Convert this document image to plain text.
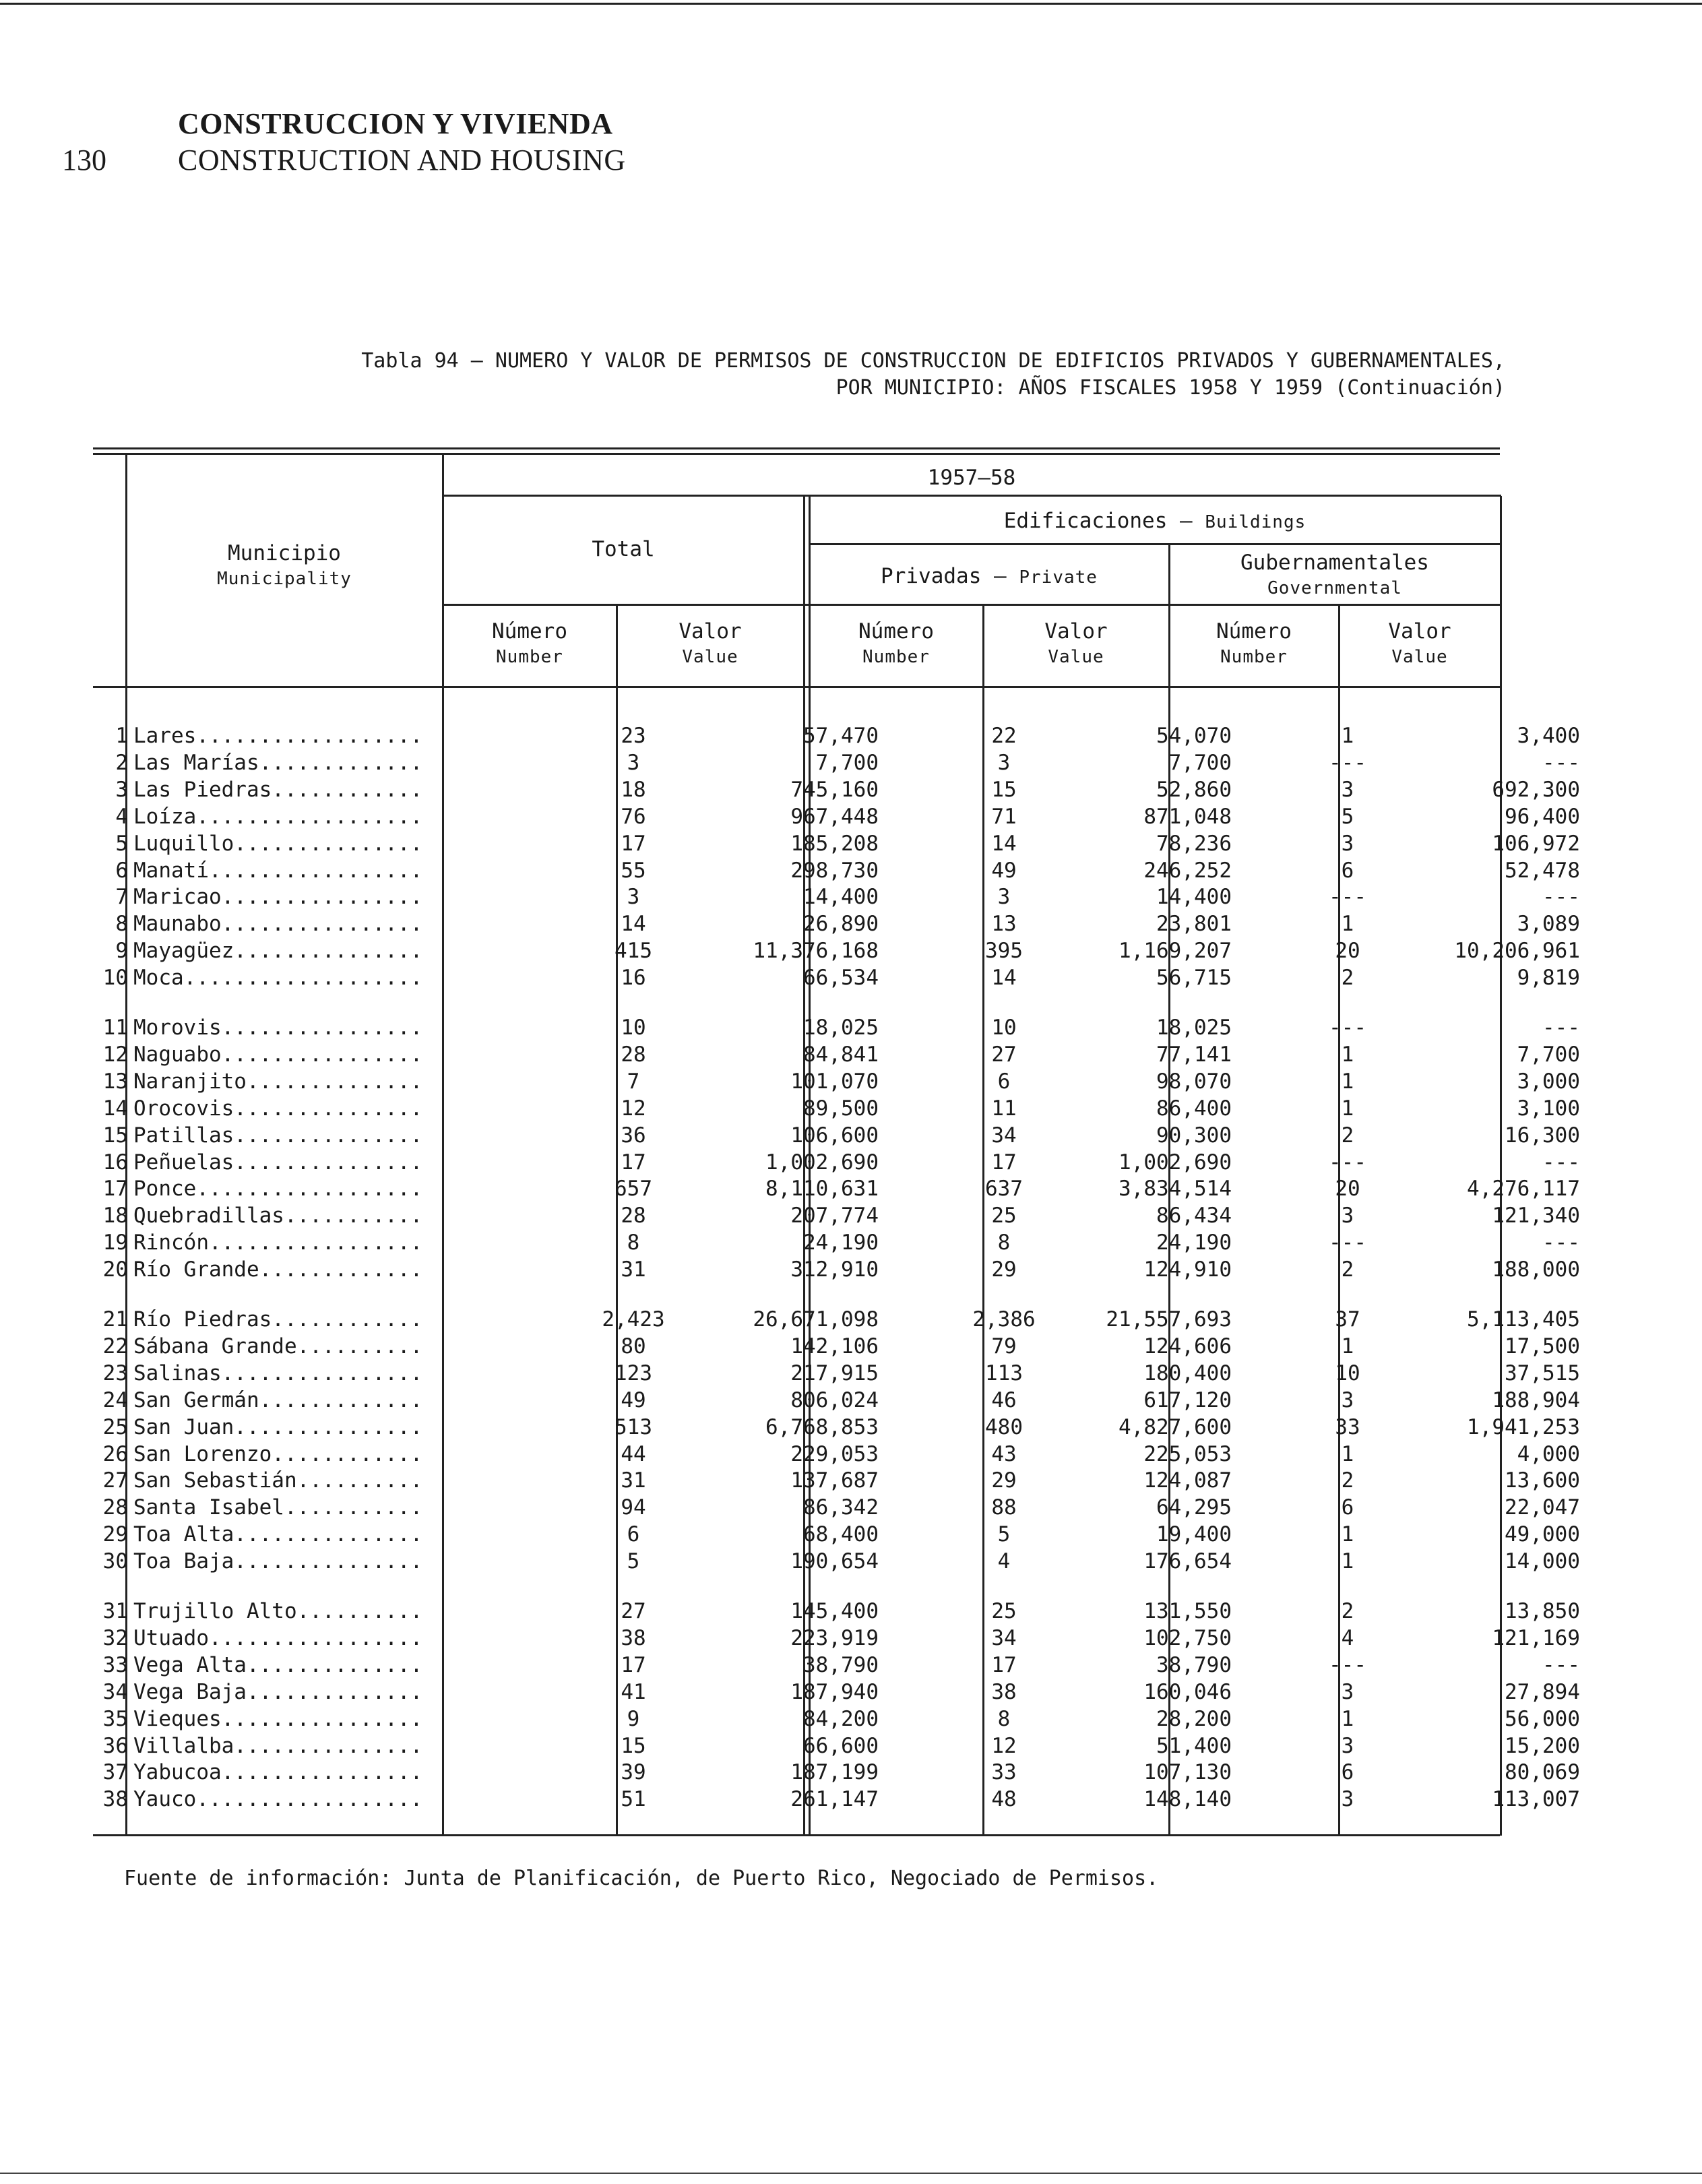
130
CONSTRUCCION Y VIVIENDA
CONSTRUCTION AND HOUSING
Tabla 94 – NUMERO Y VALOR DE PERMISOS DE CONSTRUCCION DE EDIFICIOS PRIVADOS Y GUBERNAMENTALES,
POR MUNICIPIO: AÑOS FISCALES 1958 Y 1959 (Continuación)
Municipio
Municipality
1957–58
Total
Edificaciones – Buildings
Privadas – Private
Gubernamentales
Governmental
Número
Number
Valor
Value
Número
Number
Valor
Value
Número
Number
Valor
Value
1 Lares..................	23	57,470	22	54,070	1	3,400
2 Las Marías.............	3	7,700	3	7,700	---	---
3 Las Piedras............	18	745,160	15	52,860	3	692,300
4 Loíza..................	76	967,448	71	871,048	5	96,400
5 Luquillo...............	17	185,208	14	78,236	3	106,972
6 Manatí.................	55	298,730	49	246,252	6	52,478
7 Maricao................	3	14,400	3	14,400	---	---
8 Maunabo................	14	26,890	13	23,801	1	3,089
9 Mayagüez...............	415	11,376,168	395	1,169,207	20	10,206,961
10 Moca...................	16	66,534	14	56,715	2	9,819
11 Morovis................	10	18,025	10	18,025	---	---
12 Naguabo................	28	84,841	27	77,141	1	7,700
13 Naranjito..............	7	101,070	6	98,070	1	3,000
14 Orocovis...............	12	89,500	11	86,400	1	3,100
15 Patillas...............	36	106,600	34	90,300	2	16,300
16 Peñuelas...............	17	1,002,690	17	1,002,690	---	---
17 Ponce..................	657	8,110,631	637	3,834,514	20	4,276,117
18 Quebradillas...........	28	207,774	25	86,434	3	121,340
19 Rincón.................	8	24,190	8	24,190	---	---
20 Río Grande.............	31	312,910	29	124,910	2	188,000
21 Río Piedras............	2,423	26,671,098	2,386	21,557,693	37	5,113,405
22 Sábana Grande..........	80	142,106	79	124,606	1	17,500
23 Salinas................	123	217,915	113	180,400	10	37,515
24 San Germán.............	49	806,024	46	617,120	3	188,904
25 San Juan...............	513	6,768,853	480	4,827,600	33	1,941,253
26 San Lorenzo............	44	229,053	43	225,053	1	4,000
27 San Sebastián..........	31	137,687	29	124,087	2	13,600
28 Santa Isabel...........	94	86,342	88	64,295	6	22,047
29 Toa Alta...............	6	68,400	5	19,400	1	49,000
30 Toa Baja...............	5	190,654	4	176,654	1	14,000
31 Trujillo Alto..........	27	145,400	25	131,550	2	13,850
32 Utuado.................	38	223,919	34	102,750	4	121,169
33 Vega Alta..............	17	38,790	17	38,790	---	---
34 Vega Baja..............	41	187,940	38	160,046	3	27,894
35 Vieques................	9	84,200	8	28,200	1	56,000
36 Villalba...............	15	66,600	12	51,400	3	15,200
37 Yabucoa................	39	187,199	33	107,130	6	80,069
38 Yauco..................	51	261,147	48	148,140	3	113,007
Fuente de información: Junta de Planificación, de Puerto Rico, Negociado de Permisos.
